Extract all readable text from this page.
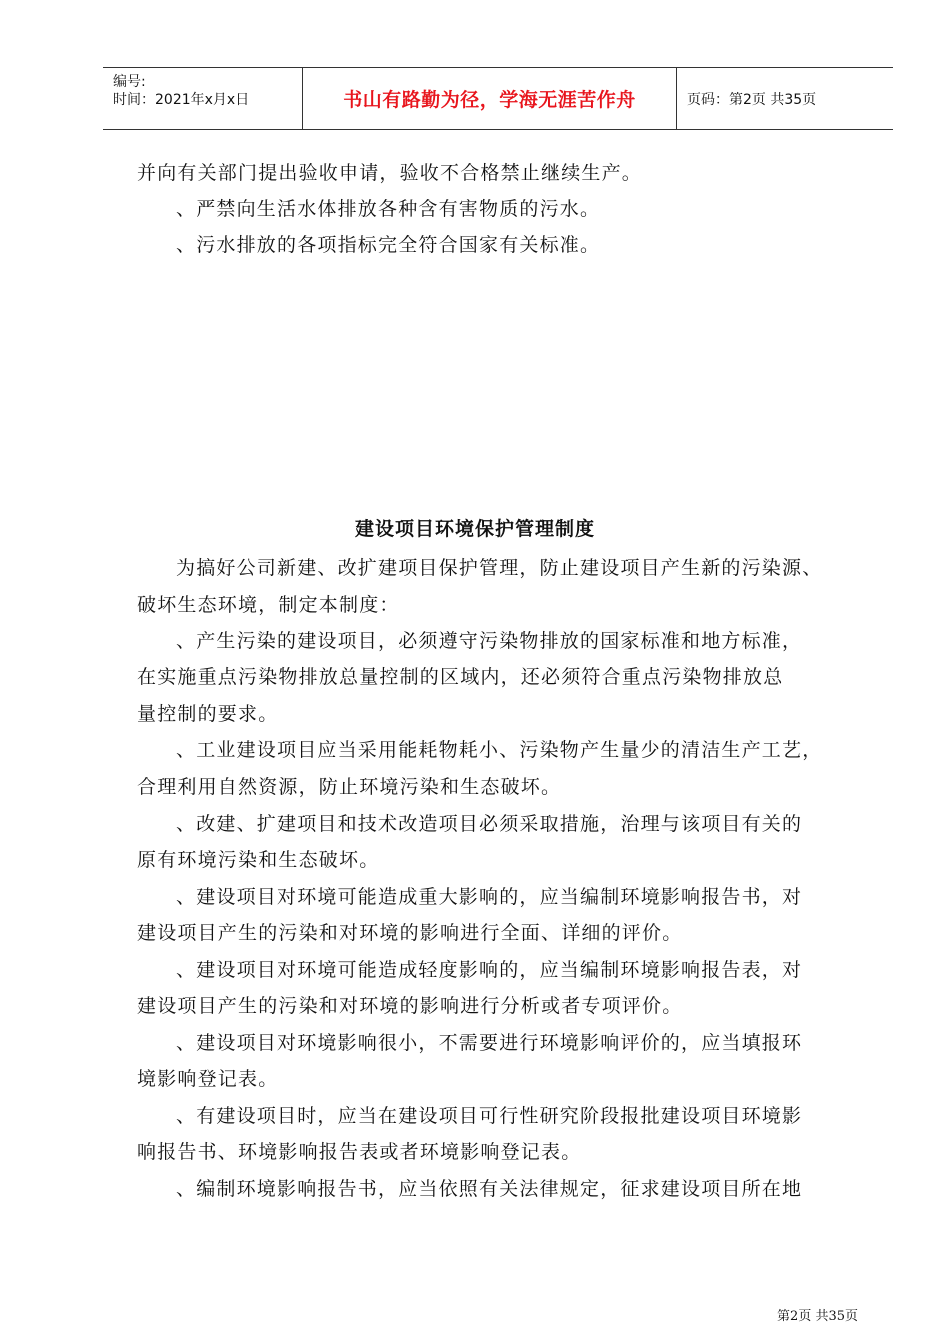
编号:
时间：2021年x月x日	书山有路勤为径，学海无涯苦作舟	页码：第2页 共35页
并向有关部门提出验收申请，验收不合格禁止继续生产。
、严禁向生活水体排放各种含有害物质的污水。
、污水排放的各项指标完全符合国家有关标准。
建设项目环境保护管理制度
为搞好公司新建、改扩建项目保护管理，防止建设项目产生新的污染源、
破坏生态环境，制定本制度：
、产生污染的建设项目，必须遵守污染物排放的国家标准和地方标准，
在实施重点污染物排放总量控制的区域内，还必须符合重点污染物排放总
量控制的要求。
、工业建设项目应当采用能耗物耗小、污染物产生量少的清洁生产工艺，
合理利用自然资源，防止环境污染和生态破坏。
、改建、扩建项目和技术改造项目必须采取措施，治理与该项目有关的
原有环境污染和生态破坏。
、建设项目对环境可能造成重大影响的，应当编制环境影响报告书，对
建设项目产生的污染和对环境的影响进行全面、详细的评价。
、建设项目对环境可能造成轻度影响的，应当编制环境影响报告表，对
建设项目产生的污染和对环境的影响进行分析或者专项评价。
、建设项目对环境影响很小，不需要进行环境影响评价的，应当填报环
境影响登记表。
、有建设项目时，应当在建设项目可行性研究阶段报批建设项目环境影
响报告书、环境影响报告表或者环境影响登记表。
、编制环境影响报告书，应当依照有关法律规定，征求建设项目所在地
第2页 共35页
